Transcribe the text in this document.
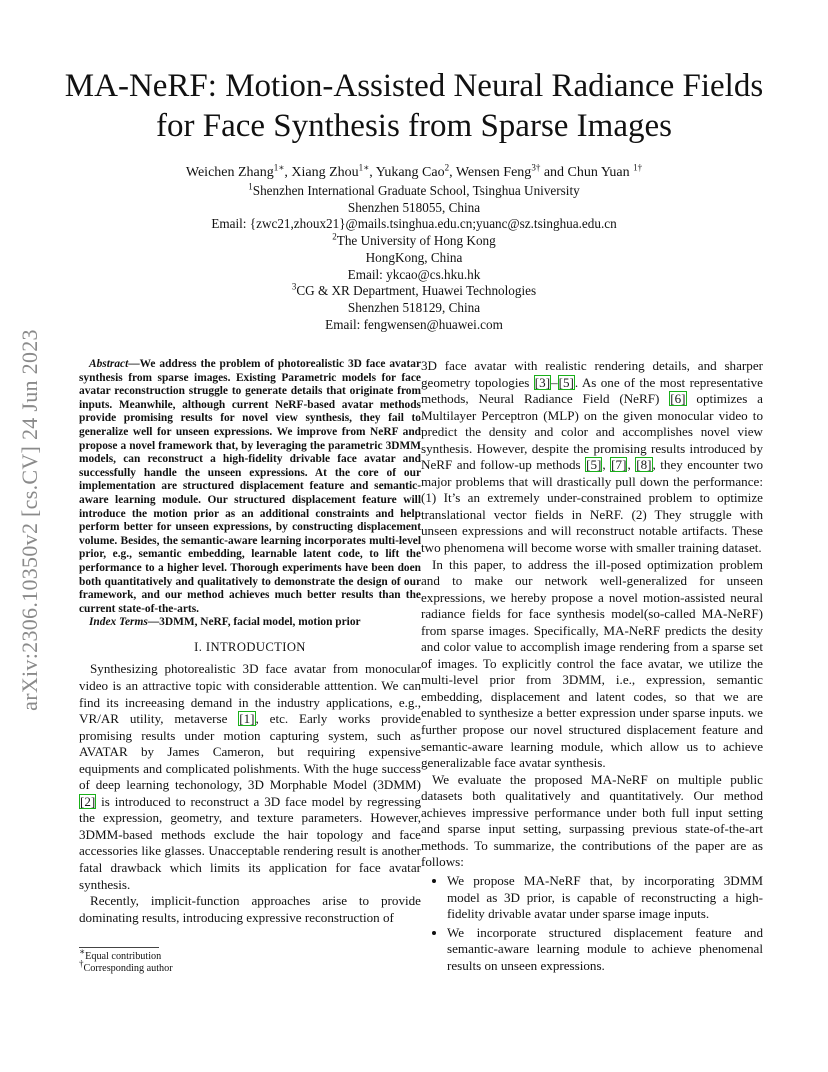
arXiv:2306.10350v2 [cs.CV] 24 Jun 2023
MA-NeRF: Motion-Assisted Neural Radiance Fields
for Face Synthesis from Sparse Images
Weichen Zhang$^{1∗}$, Xiang Zhou$^{1∗}$, Yukang Cao$^2$, Wensen Feng$^{3\dagger}$ and Chun Yuan $^{1\dagger}$
$^1$Shenzhen International Graduate School, Tsinghua University
Shenzhen 518055, China
Email: {zwc21,zhoux21}@mails.tsinghua.edu.cn;yuanc@sz.tsinghua.edu.cn
$^2$The University of Hong Kong
HongKong, China
Email: ykcao@cs.hku.hk
$^3$CG & XR Department, Huawei Technologies
Shenzhen 518129, China
Email: fengwensen@huawei.com

Abstract—We address the problem of photorealistic 3D face avatar synthesis from sparse images. Existing Parametric models for face avatar reconstruction struggle to generate details that originate from inputs. Meanwhile, although current NeRF-based avatar methods provide promising results for novel view synthesis, they fail to generalize well for unseen expressions. We improve from NeRF and propose a novel framework that, by leveraging the parametric 3DMM models, can reconstruct a high-fidelity drivable face avatar and successfully handle the unseen expressions. At the core of our implementation are structured displacement feature and semantic-aware learning module. Our structured displacement feature will introduce the motion prior as an additional constraints and help perform better for unseen expressions, by constructing displacement volume. Besides, the semantic-aware learning incorporates multi-level prior, e.g., semantic embedding, learnable latent code, to lift the performance to a higher level. Thorough experiments have been doen both quantitatively and qualitatively to demonstrate the design of our framework, and our method achieves much better results than the current state-of-the-arts.

Index Terms—3DMM, NeRF, facial model, motion prior

I. INTRODUCTION

Synthesizing photorealistic 3D face avatar from monocular video is an attractive topic with considerable atttention. We can find its increeasing demand in the industry applications, e.g., VR/AR utility, metaverse [1], etc. Early works provide promising results under motion capturing system, such as AVATAR by James Cameron, but requiring expensive equipments and complicated polishments. With the huge success of deep learning techonology, 3D Morphable Model (3DMM) [2] is introduced to reconstruct a 3D face model by regressing the expression, geometry, and texture parameters. However, 3DMM-based methods exclude the hair topology and face accessories like glasses. Unacceptable rendering result is another fatal drawback which limits its application for face avatar synthesis.

Recently, implicit-function approaches arise to provide dominating results, introducing expressive reconstruction of

∗Equal contribution
†Corresponding author

3D face avatar with realistic rendering details, and sharper geometry topologies [3]–[5]. As one of the most representative methods, Neural Radiance Field (NeRF) [6] optimizes a Multilayer Perceptron (MLP) on the given monocular video to predict the density and color and accomplishes novel view synthesis. However, despite the promising results introduced by NeRF and follow-up methods [5], [7], [8], they encounter two major problems that will drastically pull down the performance: (1) It’s an extremely under-constrained problem to optimize translational vector fields in NeRF. (2) They struggle with unseen expressions and will reconstruct notable artifacts. These two phenomena will become worse with smaller training dataset.

In this paper, to address the ill-posed optimization problem and to make our network well-generalized for unseen expressions, we hereby propose a novel motion-assisted neural radiance fields for face synthesis model(so-called MA-NeRF) from sparse images. Specifically, MA-NeRF predicts the desity and color value to accomplish image rendering from a sparse set of images. To explicitly control the face avatar, we utilize the multi-level prior from 3DMM, i.e., expression, semantic embedding, displacement and latent codes, so that we are enabled to synthesize a better expression under sparse inputs. we further propose our novel structured displacement feature and semantic-aware learning module, which allow us to achieve generalizable face avatar synthesis.

We evaluate the proposed MA-NeRF on multiple public datasets both qualitatively and quantitatively. Our method achieves impressive performance under both full input setting and sparse input setting, surpassing previous state-of-the-art methods. To summarize, the contributions of the paper are as follows:

• We propose MA-NeRF that, by incorporating 3DMM model as 3D prior, is capable of reconstructing a high-fidelity drivable avatar under sparse image inputs.
• We incorporate structured displacement feature and semantic-aware learning module to achieve phenomenal results on unseen expressions.
